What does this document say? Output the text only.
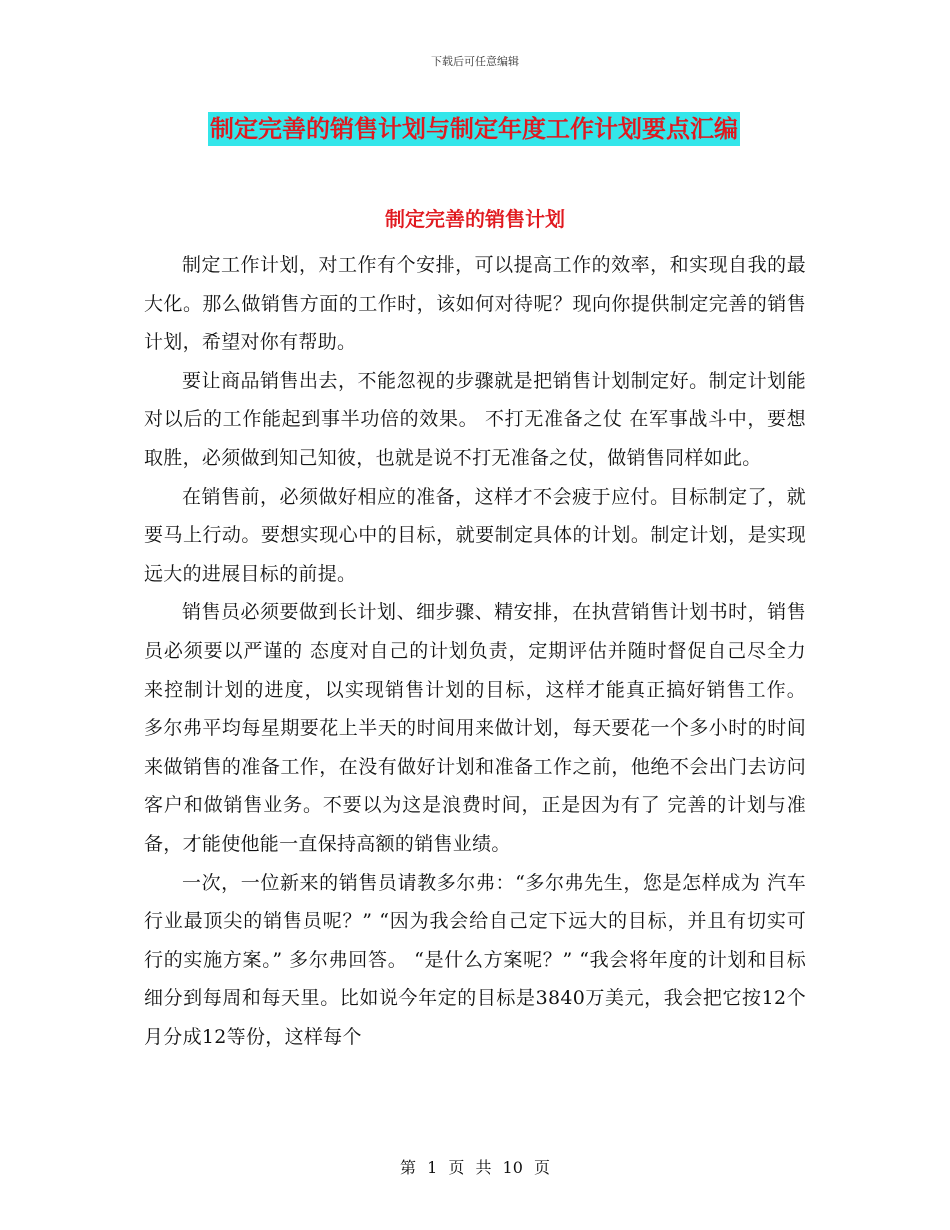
下载后可任意编辑
制定完善的销售计划与制定年度工作计划要点汇编
制定完善的销售计划

制定工作计划，对工作有个安排，可以提高工作的效率，和实现自我的最大化。那么做销售方面的工作时，该如何对待呢？现向你提供制定完善的销售计划，希望对你有帮助。

要让商品销售出去，不能忽视的步骤就是把销售计划制定好。制定计划能对以后的工作能起到事半功倍的效果。 不打无准备之仗 在军事战斗中，要想取胜，必须做到知己知彼，也就是说不打无准备之仗，做销售同样如此。

在销售前，必须做好相应的准备，这样才不会疲于应付。目标制定了，就要马上行动。要想实现心中的目标，就要制定具体的计划。制定计划，是实现远大的进展目标的前提。

销售员必须要做到长计划、细步骤、精安排，在执营销售计划书时，销售员必须要以严谨的 态度对自己的计划负责，定期评估并随时督促自己尽全力来控制计划的进度，以实现销售计划的目标，这样才能真正搞好销售工作。 多尔弗平均每星期要花上半天的时间用来做计划，每天要花一个多小时的时间来做销售的准备工作，在没有做好计划和准备工作之前，他绝不会出门去访问客户和做销售业务。不要以为这是浪费时间，正是因为有了 完善的计划与准备，才能使他能一直保持高额的销售业绩。

一次，一位新来的销售员请教多尔弗：“多尔弗先生，您是怎样成为 汽车行业最顶尖的销售员呢？” “因为我会给自己定下远大的目标，并且有切实可行的实施方案。” 多尔弗回答。 “是什么方案呢？” “我会将年度的计划和目标细分到每周和每天里。比如说今年定的目标是3840万美元，我会把它按12个月分成12等份，这样每个

第 1 页 共 10 页
